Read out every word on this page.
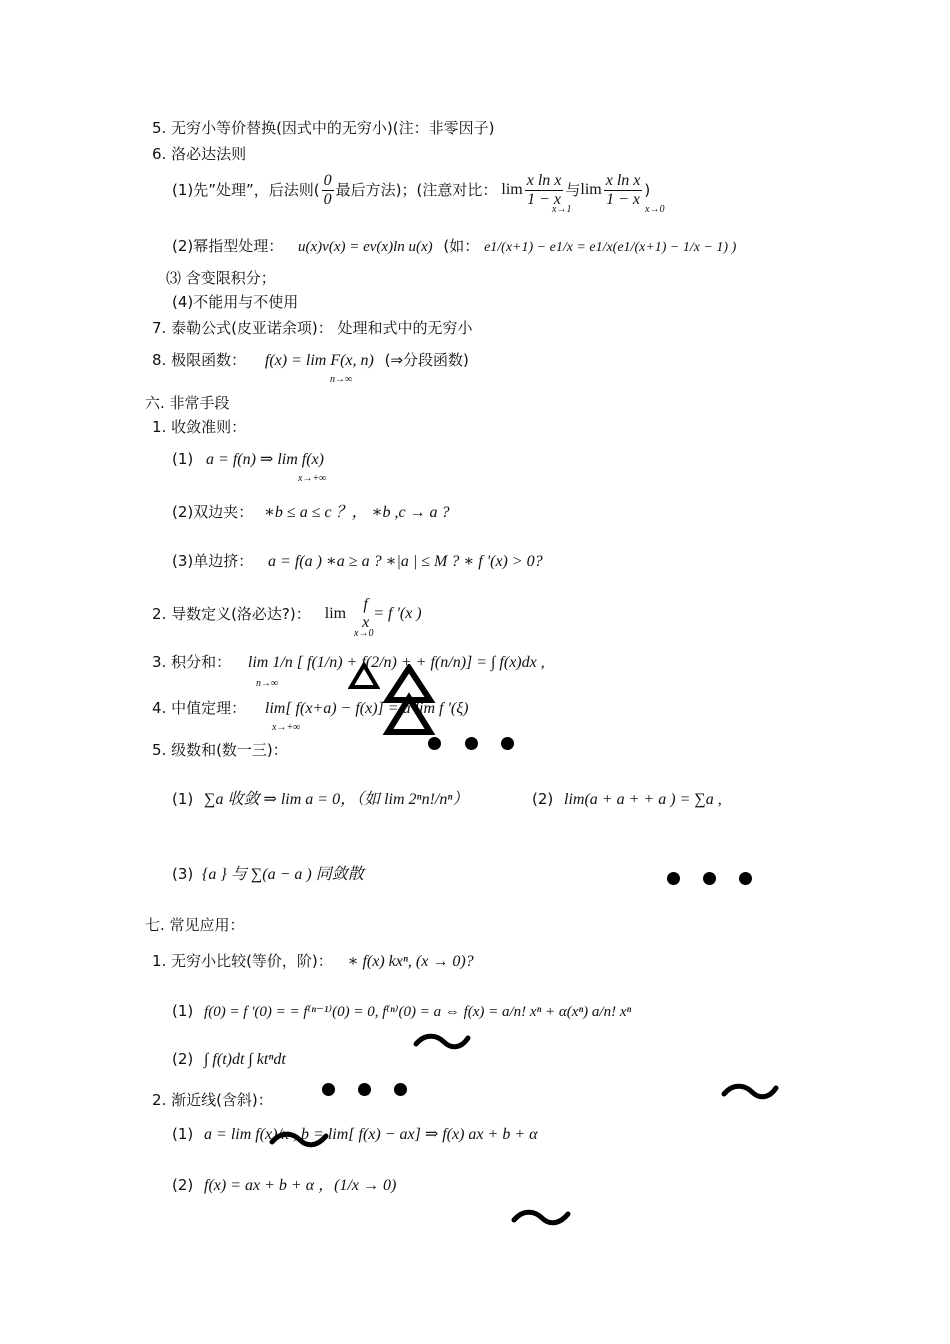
5. 无穷小等价替换(因式中的无穷小)(注：非零因子)
6. 洛必达法则
(1)先”处理”，后法则( $\frac{0}{0}$ 最后方法)；(注意对比： $\lim \frac{\text{x ln x}}{1 - x}$ 与 $\lim \frac{\text{x ln x}}{1 - x}$ )
x→1	x→0
(2)幂指型处理： u(x)v(x) = ev(x)ln u(x) (如： e1/(x+1) − e1/x = e1/x(e1/(x+1) − 1/x − 1) )
⑶ 含变限积分；
(4)不能用与不使用
7. 泰勒公式(皮亚诺余项)： 处理和式中的无穷小
8. 极限函数： f(x) = lim F(x, n) (⇒分段函数)
n→∞
六. 非常手段
1. 收敛准则：
(1) a = f(n) ⇒ lim f(x)
x→+∞
(2)双边夹： ∗b ≤ a ≤ c ？， ∗b ,c → a ?
(3)单边挤： a = f(a ) ∗a ≥ a ? ∗|a | ≤ M ? ∗ f '(x) > 0?
2. 导数定义(洛必达?)： lim
f
x
= f '(x )
x→0
3. 积分和： lim 1/n [ f(1/n) + f(2/n) + + f(n/n)] = ∫ f(x)dx ,
n→∞
4. 中值定理： lim[ f(x+a) − f(x)] = a lim f '(ξ)
x→+∞
5. 级数和(数一三)：
(1) ∑a 收敛 ⇒ lim a = 0，（如 lim 2ⁿn!/nⁿ）	(2) lim(a + a + + a ) = ∑a ,
(3) {a } 与 ∑(a − a ) 同敛散
七. 常见应用：
1. 无穷小比较(等价，阶)： ∗ f(x) kxⁿ, (x → 0)?
(1) f(0) = f '(0) = = f⁽ⁿ⁻¹⁾(0) = 0, f⁽ⁿ⁾(0) = a ⇔ f(x) = a/n! xⁿ + α(xⁿ) a/n! xⁿ
(2) ∫ f(t)dt ∫ ktⁿdt
2. 渐近线(含斜)：
(1) a = lim f(x)/x , b = lim[ f(x) − ax] ⇒ f(x) ax + b + α
(2) f(x) = ax + b + α ，(1/x → 0)
